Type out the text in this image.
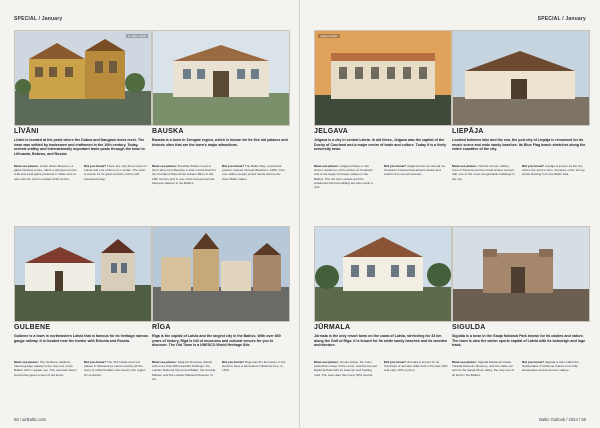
SPECIAL / January
In Līvāni, Latvia
LĪVĀNI
Līvāni is located at the point where the Dubna and Daugava rivers meet. The town was settled by tradesmen and craftsmen in the 16th century. Today, several craftsy and internationally important trade posts through the town to Lithuania, Belarus, and Russia.
Must-see places: Līvāni Glass Museum, a glass-blowing centre, offers a glimpse into the craft and local glass production. Make sure to also visit the town's Latvian Craft Centre.
Did you know? There are only three towns in Latvia and one of them is in Līvāni. The town is known for its glass and the craft is still practised today.
BAUSKA
Bauska is a town in Zemgale region, which is known for its fine old palaces and historic sites that are the town's major attractions.
Must-see places: Rundāle Palace is just a short drive from Bauska. It was constructed for the Courland Duke Ernst Johann Biron in the 18th century and is one of the best-preserved baroque palaces in the Baltics.
Did you know? The Baltic Way, a peaceful protest, passed through Bauska in 1989. Over one million people joined hands across the three Baltic states.
GULBENE
Gulbene is a town in northeastern Latvia that is famous for its heritage narrow-gauge railway. It is located near the border with Estonia and Russia.
Must-see places: The Gulbene–Alūksne narrow-gauge railway is the only one in the Baltics still in regular use. The restored steam locomotive gives a view of old times.
Did you know? The Old Castle and new palace in Stāmeriena manor nearby tell the story of noble families who lived in the region for centuries.
RĪGA
Rīga is the capital of Latvia and the largest city in the Baltics. With over 800 years of history, Rīga is full of museums and cultural venues for you to discover. The Old Town is a UNESCO World Heritage Site.
Must-see places: Rīga Art Nouveau district with more than 800 beautiful buildings, the Latvian National Opera and Ballet, the Central Market, and the Latvian National Museum of Art.
Did you know? Rīga was the first place in the world to have a decorated Christmas tree, in 1510.
58 / airBaltic.com
SPECIAL / January
Jelgava Palace
JELGAVA
Jelgava is a city in central Latvia. In old times, Jelgava was the capital of the Duchy of Courland and a major centre of trade and culture. Today it is a lively university town.
Must-see places: Jelgava Palace is the former residence of the Dukes of Courland and is the largest baroque palace in the Baltics. The old town streets and the Academia Petrina building are also worth a visit.
Did you know? Jelgava hosts an annual Ice Sculpture Festival that attracts artists and visitors from across Europe.
LIEPĀJA
Located between lake and the sea, the port city of Liepāja is renowned for its music scene and wide sandy beaches. Its Blue Flag beach stretches along the entire coastline of the city.
Must-see places: Visit the former military town of Karosta and the Great Amber concert hall, one of the most recognisable buildings in the city.
Did you know? Liepāja is known as the city where the wind is born, because of the strong winds blowing from the Baltic Sea.
JŪRMALA
Jūrmala is the only resort town on the coast of Latvia, stretching for 33 km along the Gulf of Riga. It is known for its white sandy beaches and its wooden architecture.
Must-see places: Jomas Street, the main pedestrian street of the resort, and the Kemeri National Park with its swamps and healing mud. The town also has many SPA resorts.
Did you know? Jūrmala is known for its hundreds of wooden villas built in the late 19th and early 20th century.
SIGULDA
Sigulda is a town in the Gauja National Park known for its castles and nature. The town is also the winter sports capital of Latvia with its bobsleigh and luge track.
Must-see places: Sigulda Medieval Castle, Turaida Museum Reserve, and the cable car across the Gauja River valley, the only one of its kind in the Baltics.
Did you know? Sigulda is also called the Switzerland of Vidzeme thanks to its hilly landscapes and deep river valleys.
Baltic Outlook / 2024 / 59
